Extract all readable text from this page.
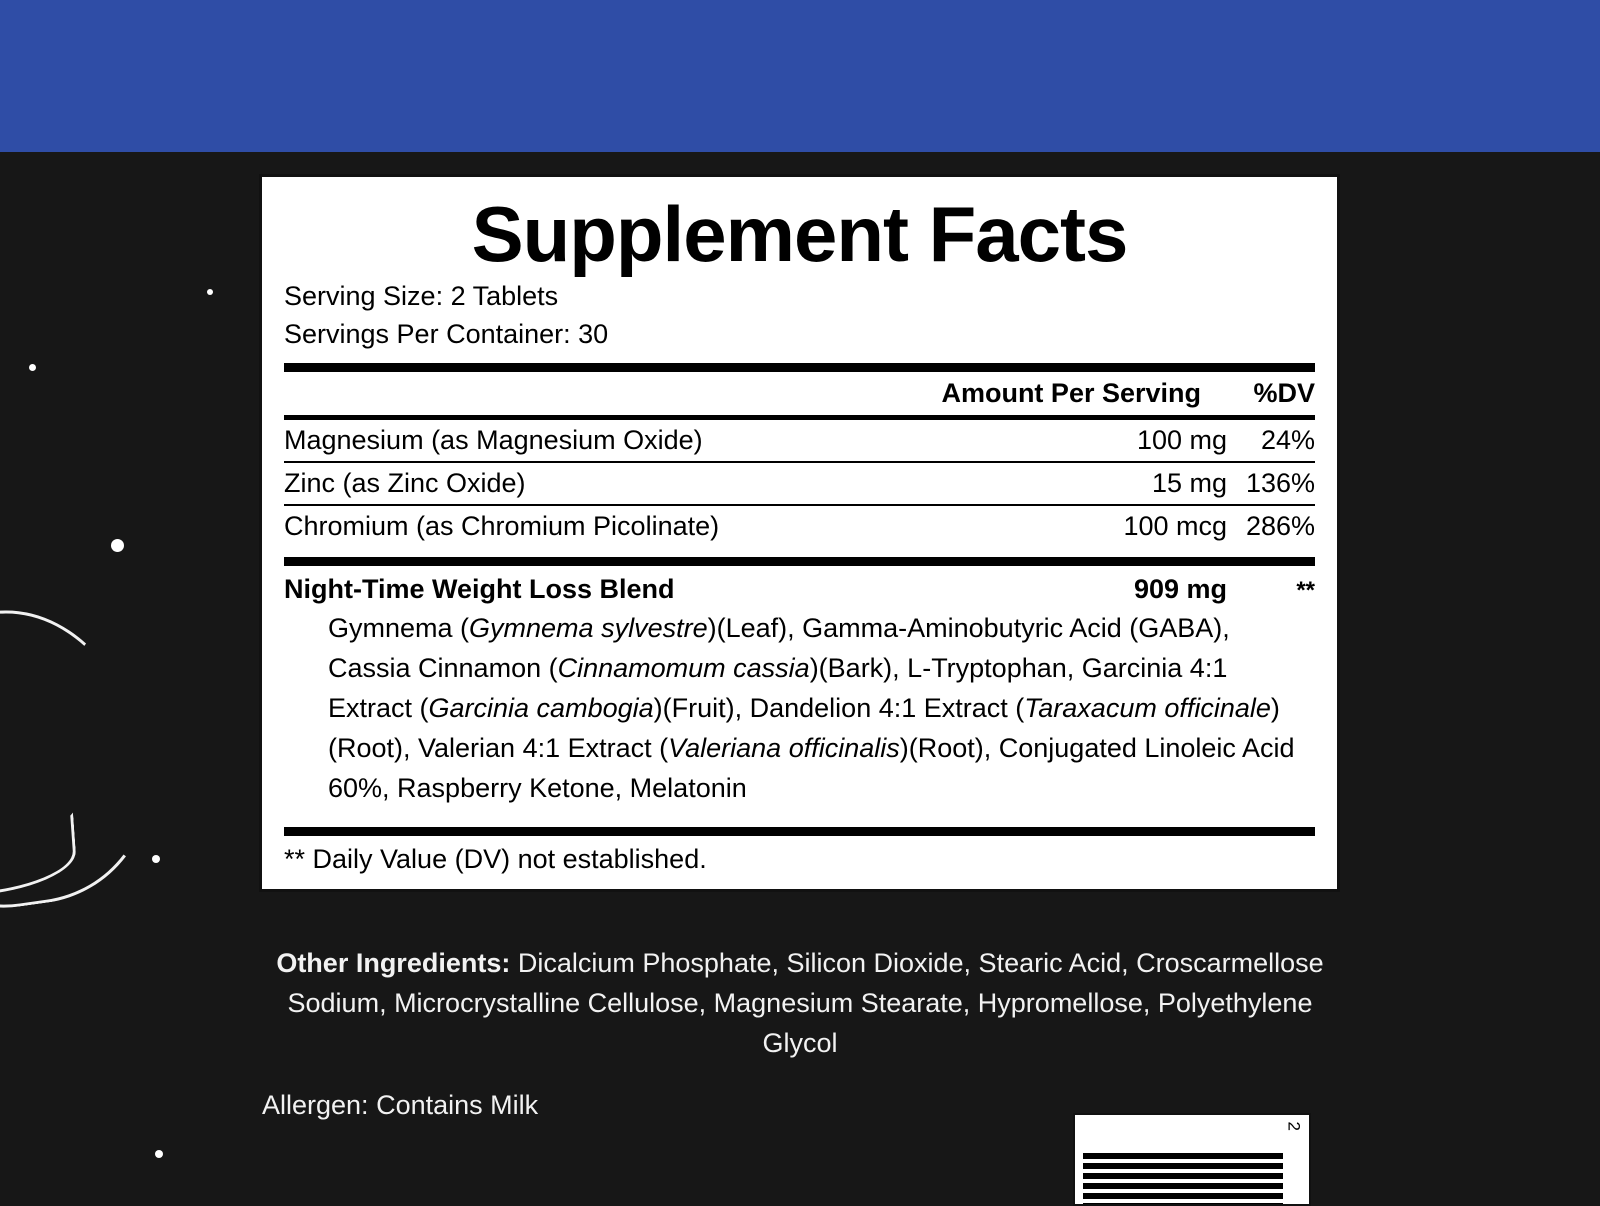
Supplement Facts
Serving Size: 2 Tablets
Servings Per Container: 30
Amount Per Serving	%DV
Magnesium (as Magnesium Oxide)	100 mg	24%
Zinc (as Zinc Oxide)	15 mg 136%
Chromium (as Chromium Picolinate)	100 mcg 286%
Night-Time Weight Loss Blend	909 mg	**
Gymnema (Gymnema sylvestre)(Leaf), Gamma-Aminobutyric Acid (GABA), Cassia Cinnamon (Cinnamomum cassia)(Bark), L-Tryptophan, Garcinia 4:1 Extract (Garcinia cambogia)(Fruit), Dandelion 4:1 Extract (Taraxacum officinale)(Root), Valerian 4:1 Extract (Valeriana officinalis)(Root), Conjugated Linoleic Acid 60%, Raspberry Ketone, Melatonin
** Daily Value (DV) not established.
Other Ingredients: Dicalcium Phosphate, Silicon Dioxide, Stearic Acid, Croscarmellose Sodium, Microcrystalline Cellulose, Magnesium Stearate, Hypromellose, Polyethylene Glycol
Allergen: Contains Milk
2
